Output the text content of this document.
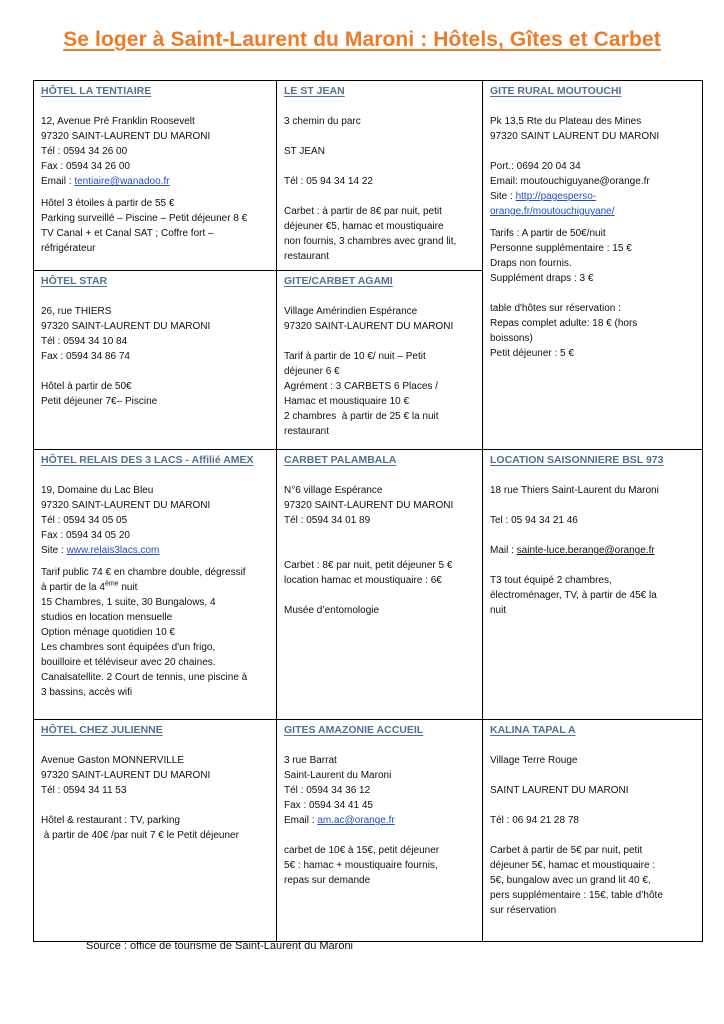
Se loger à Saint-Laurent du Maroni : Hôtels, Gîtes et Carbet
HÔTEL LA TENTIAIRE
12, Avenue Pré Franklin Roosevelt
97320 SAINT-LAURENT DU MARONI
Tél : 0594 34 26 00
Fax : 0594 34 26 00
Email : tentiaire@wanadoo.fr
Hôtel 3 étoiles à partir de 55 €
Parking surveillé – Piscine – Petit déjeuner 8 €
TV Canal + et Canal SAT ; Coffre fort –
réfrigérateur
LE ST JEAN
3 chemin du parc
ST JEAN
Tél : 05 94 34 14 22
Carbet : à partir de 8€ par nuit, petit
déjeuner €5, hamac et moustiquaire
non fournis, 3 chambres avec grand lit,
restaurant
GITE RURAL MOUTOUCHI
Pk 13,5 Rte du Plateau des Mines
97320 SAINT LAURENT DU MARONI
Port.: 0694 20 04 34
Email: moutouchiguyane@orange.fr
Site : http://pagesperso-
orange.fr/moutouchiguyane/
Tarifs : A partir de 50€/nuit
Personne supplémentaire : 15 €
Draps non fournis.
Supplément draps : 3 €
table d'hôtes sur réservation :
Repas complet adulte: 18 € (hors
boissons)
Petit déjeuner : 5 €
HÔTEL STAR
26, rue THIERS
97320 SAINT-LAURENT DU MARONI
Tél : 0594 34 10 84
Fax : 0594 34 86 74
Hôtel à partir de 50€
Petit déjeuner 7€– Piscine
GITE/CARBET AGAMI
Village Amérindien Espérance
97320 SAINT-LAURENT DU MARONI
Tarif à partir de 10 €/ nuit – Petit
déjeuner 6 €
Agrément : 3 CARBETS 6 Places /
Hamac et moustiquaire 10 €
2 chambres  à partir de 25 € la nuit
restaurant
HÔTEL RELAIS DES 3 LACS - Affilié AMEX
19, Domaine du Lac Bleu
97320 SAINT-LAURENT DU MARONI
Tél : 0594 34 05 05
Fax : 0594 34 05 20
Site : www.relais3lacs.com
Tarif public 74 € en chambre double, dégressif
à partir de la 4ème nuit
15 Chambres, 1 suite, 30 Bungalows, 4
studios en location mensuelle
Option ménage quotidien 10 €
Les chambres sont équipées d'un frigo,
bouilloire et téléviseur avec 20 chaines.
Canalsatellite. 2 Court de tennis, une piscine à
3 bassins, accès wifi
CARBET PALAMBALA
N°6 village Espérance
97320 SAINT-LAURENT DU MARONI
Tél : 0594 34 01 89
Carbet : 8€ par nuit, petit déjeuner 5 €
location hamac et moustiquaire : 6€
Musée d’entomologie
LOCATION SAISONNIERE BSL 973
18 rue Thiers Saint-Laurent du Maroni
Tel : 05 94 34 21 46
Mail : sainte-luce.berange@orange.fr
T3 tout équipé 2 chambres,
électroménager, TV, à partir de 45€ la
nuit
HÔTEL CHEZ JULIENNE
Avenue Gaston MONNERVILLE
97320 SAINT-LAURENT DU MARONI
Tél : 0594 34 11 53
Hôtel & restaurant : TV, parking
à partir de 40€ /par nuit 7 € le Petit déjeuner
GITES AMAZONIE ACCUEIL
3 rue Barrat
Saint-Laurent du Maroni
Tél : 0594 34 36 12
Fax : 0594 34 41 45
Email : am.ac@orange.fr
carbet de 10€ à 15€, petit déjeuner
5€ : hamac + moustiquaire fournis,
repas sur demande
KALINA TAPAL A
Village Terre Rouge
SAINT LAURENT DU MARONI
Tél : 06 94 21 28 78
Carbet à partir de 5€ par nuit, petit
déjeuner 5€, hamac et moustiquaire :
5€, bungalow avec un grand lit 40 €,
pers supplémentaire : 15€, table d’hôte
sur réservation
Source : office de tourisme de Saint-Laurent du Maroni
